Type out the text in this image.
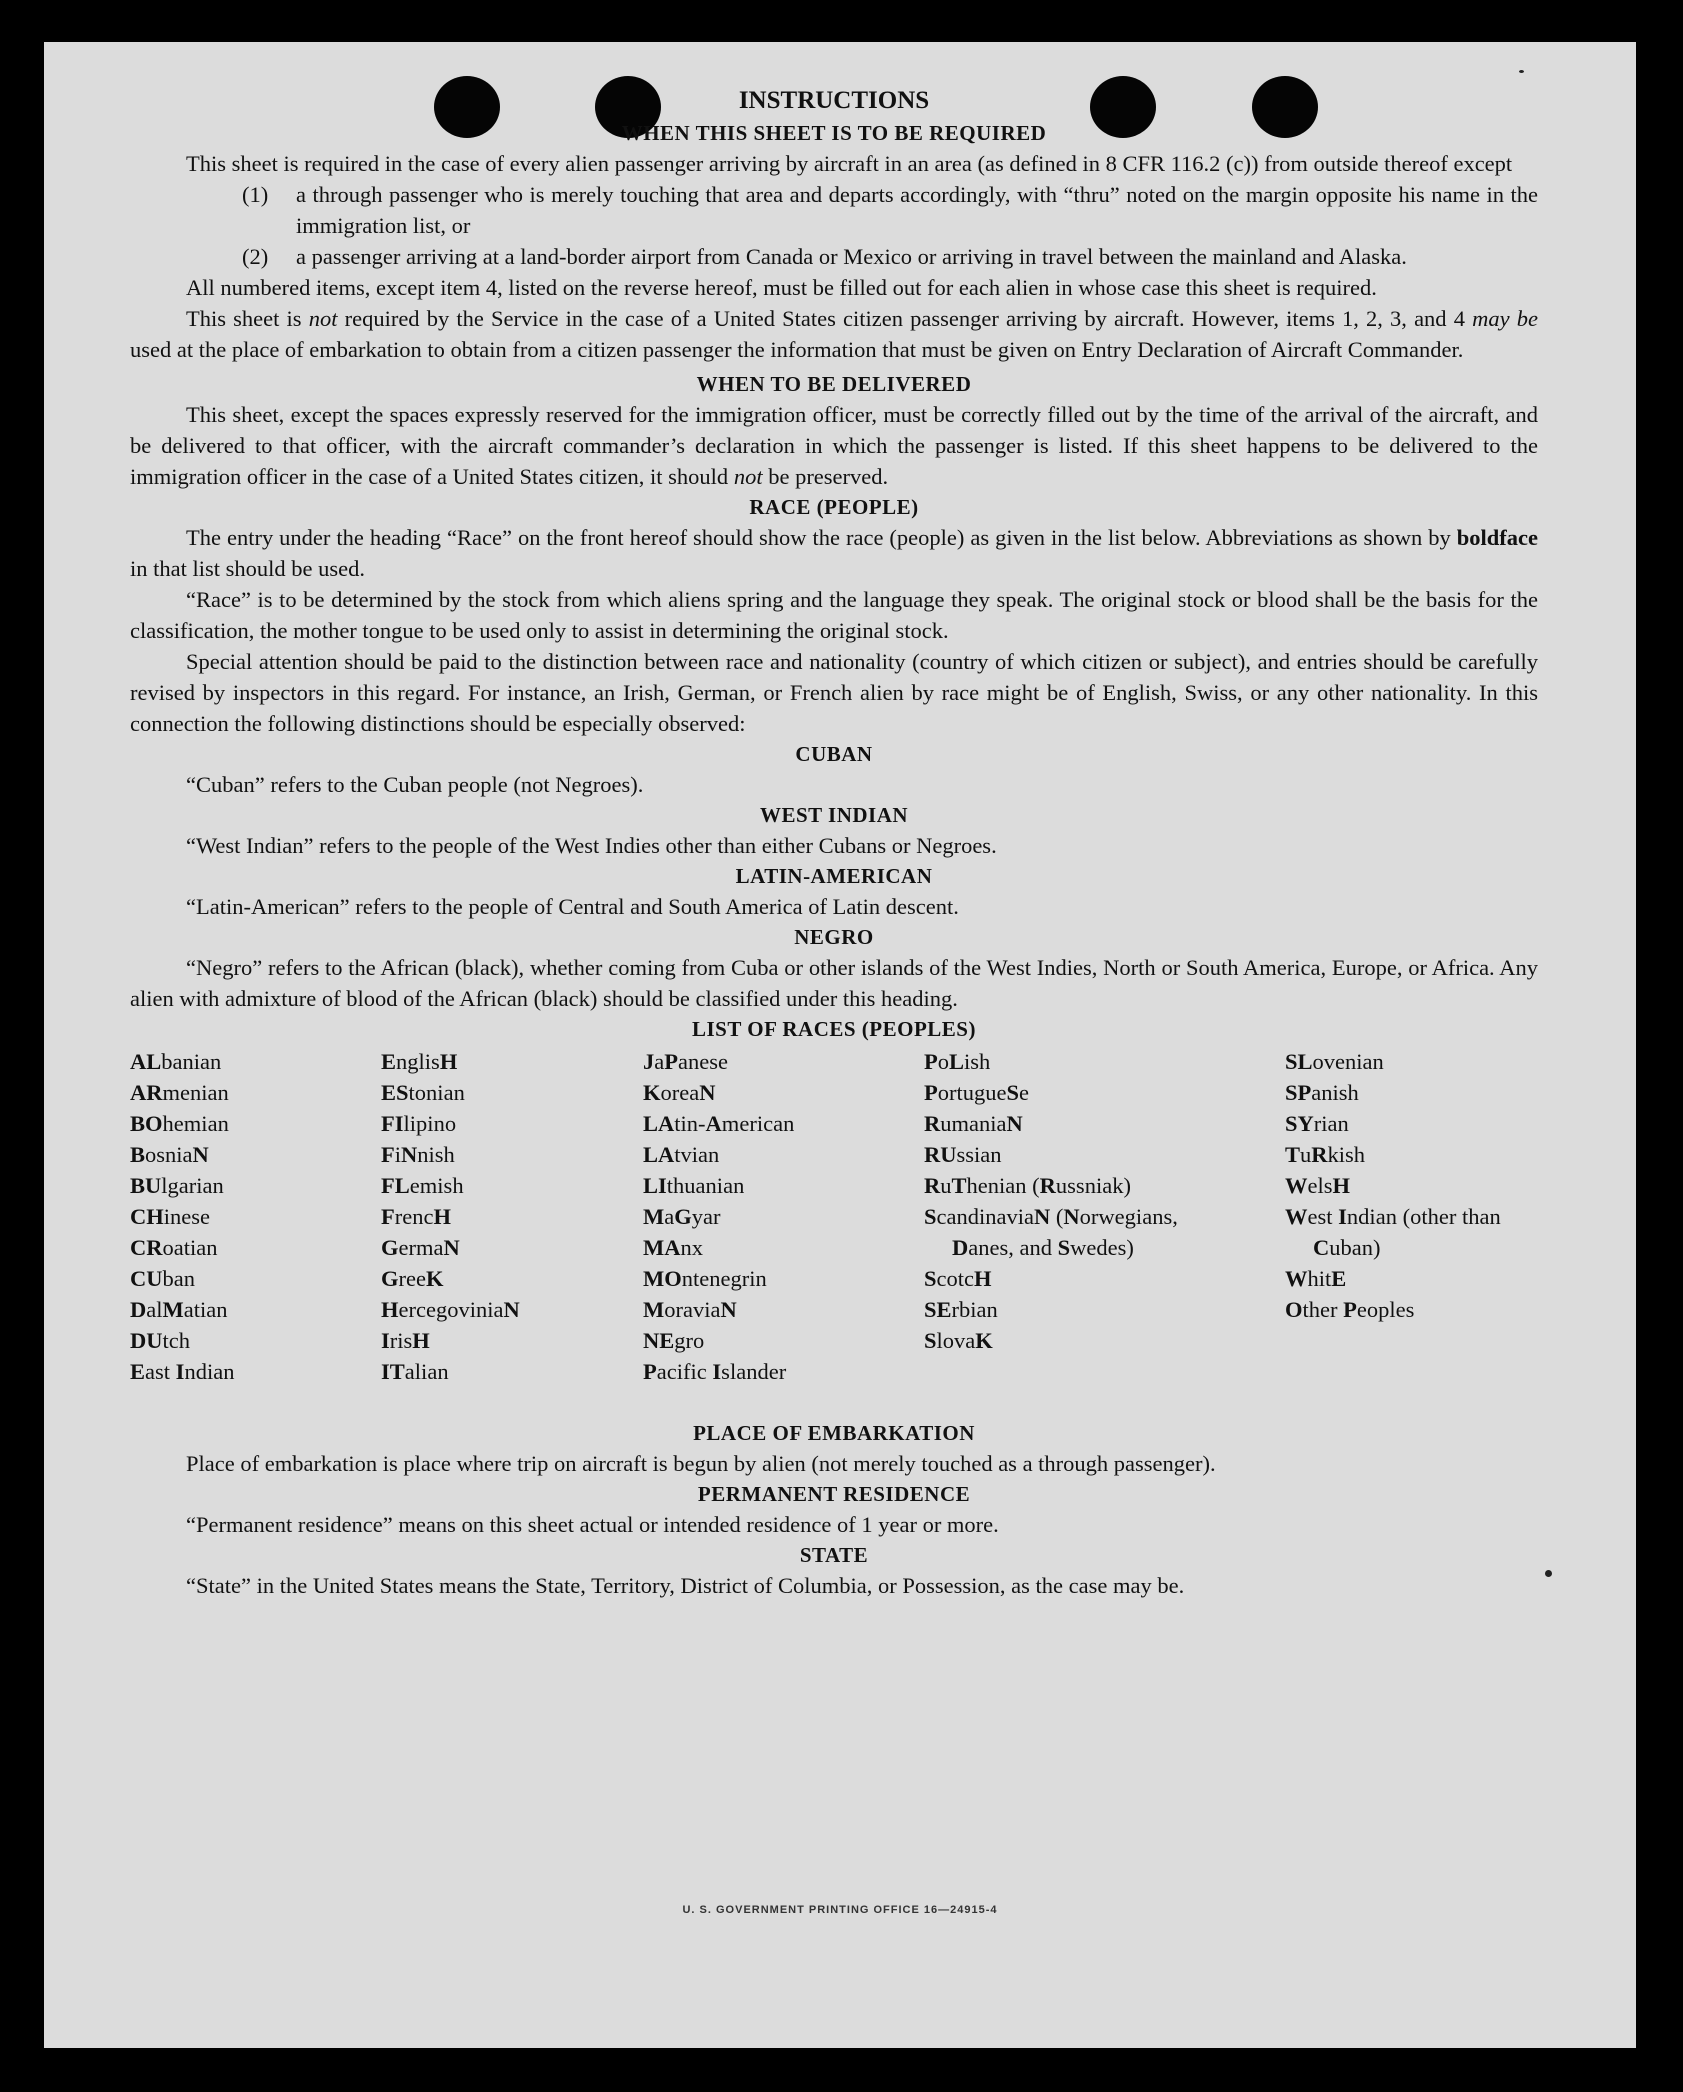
INSTRUCTIONS

WHEN THIS SHEET IS TO BE REQUIRED

This sheet is required in the case of every alien passenger arriving by aircraft in an area (as defined in 8 CFR 116.2 (c)) from outside thereof except

(1)	a through passenger who is merely touching that area and departs accordingly, with “thru” noted on the margin opposite his name in the immigration list, or
(2)	a passenger arriving at a land-border airport from Canada or Mexico or arriving in travel between the mainland and Alaska.

All numbered items, except item 4, listed on the reverse hereof, must be filled out for each alien in whose case this sheet is required.

This sheet is not required by the Service in the case of a United States citizen passenger arriving by aircraft. However, items 1, 2, 3, and 4 may be used at the place of embarkation to obtain from a citizen passenger the information that must be given on Entry Declaration of Aircraft Commander.

WHEN TO BE DELIVERED

This sheet, except the spaces expressly reserved for the immigration officer, must be correctly filled out by the time of the arrival of the aircraft, and be delivered to that officer, with the aircraft commander’s declaration in which the passenger is listed. If this sheet happens to be delivered to the immigration officer in the case of a United States citizen, it should not be preserved.

RACE (PEOPLE)

The entry under the heading “Race” on the front hereof should show the race (people) as given in the list below. Abbreviations as shown by boldface in that list should be used.

“Race” is to be determined by the stock from which aliens spring and the language they speak. The original stock or blood shall be the basis for the classification, the mother tongue to be used only to assist in determining the original stock.

Special attention should be paid to the distinction between race and nationality (country of which citizen or subject), and entries should be carefully revised by inspectors in this regard. For instance, an Irish, German, or French alien by race might be of English, Swiss, or any other nationality. In this connection the following distinctions should be especially observed:

CUBAN

“Cuban” refers to the Cuban people (not Negroes).

WEST INDIAN

“West Indian” refers to the people of the West Indies other than either Cubans or Negroes.

LATIN-AMERICAN

“Latin-American” refers to the people of Central and South America of Latin descent.

NEGRO

“Negro” refers to the African (black), whether coming from Cuba or other islands of the West Indies, North or South America, Europe, or Africa. Any alien with admixture of blood of the African (black) should be classified under this heading.

LIST OF RACES (PEOPLES)

ALbanian
ARmenian
BOhemian
BosniaN
BUlgarian
CHinese
CRoatian
CUban
DalMatian
DUtch
East Indian
EnglisH
EStonian
FIlipino
FiNnish
FLemish
FrencH
GermaN
GreeK
HercegoviniaN
IrisH
ITalian
JaPanese
KoreaN
LAtin-American
LAtvian
LIthuanian
MaGyar
MAnx
MOntenegrin
MoraviaN
NEgro
Pacific Islander
PoLish
PortugueSe
RumaniaN
RUssian
RuThenian (Russniak)
ScandinaviaN (Norwegians, Danes, and Swedes)
ScotcH
SErbian
SlovaK
SLovenian
SPanish
SYrian
TuRkish
WelsH
West Indian (other than Cuban)
WhitE
Other Peoples

PLACE OF EMBARKATION

Place of embarkation is place where trip on aircraft is begun by alien (not merely touched as a through passenger).

PERMANENT RESIDENCE

“Permanent residence” means on this sheet actual or intended residence of 1 year or more.

STATE

“State” in the United States means the State, Territory, District of Columbia, or Possession, as the case may be.

U. S. GOVERNMENT PRINTING OFFICE 16—24915-4
